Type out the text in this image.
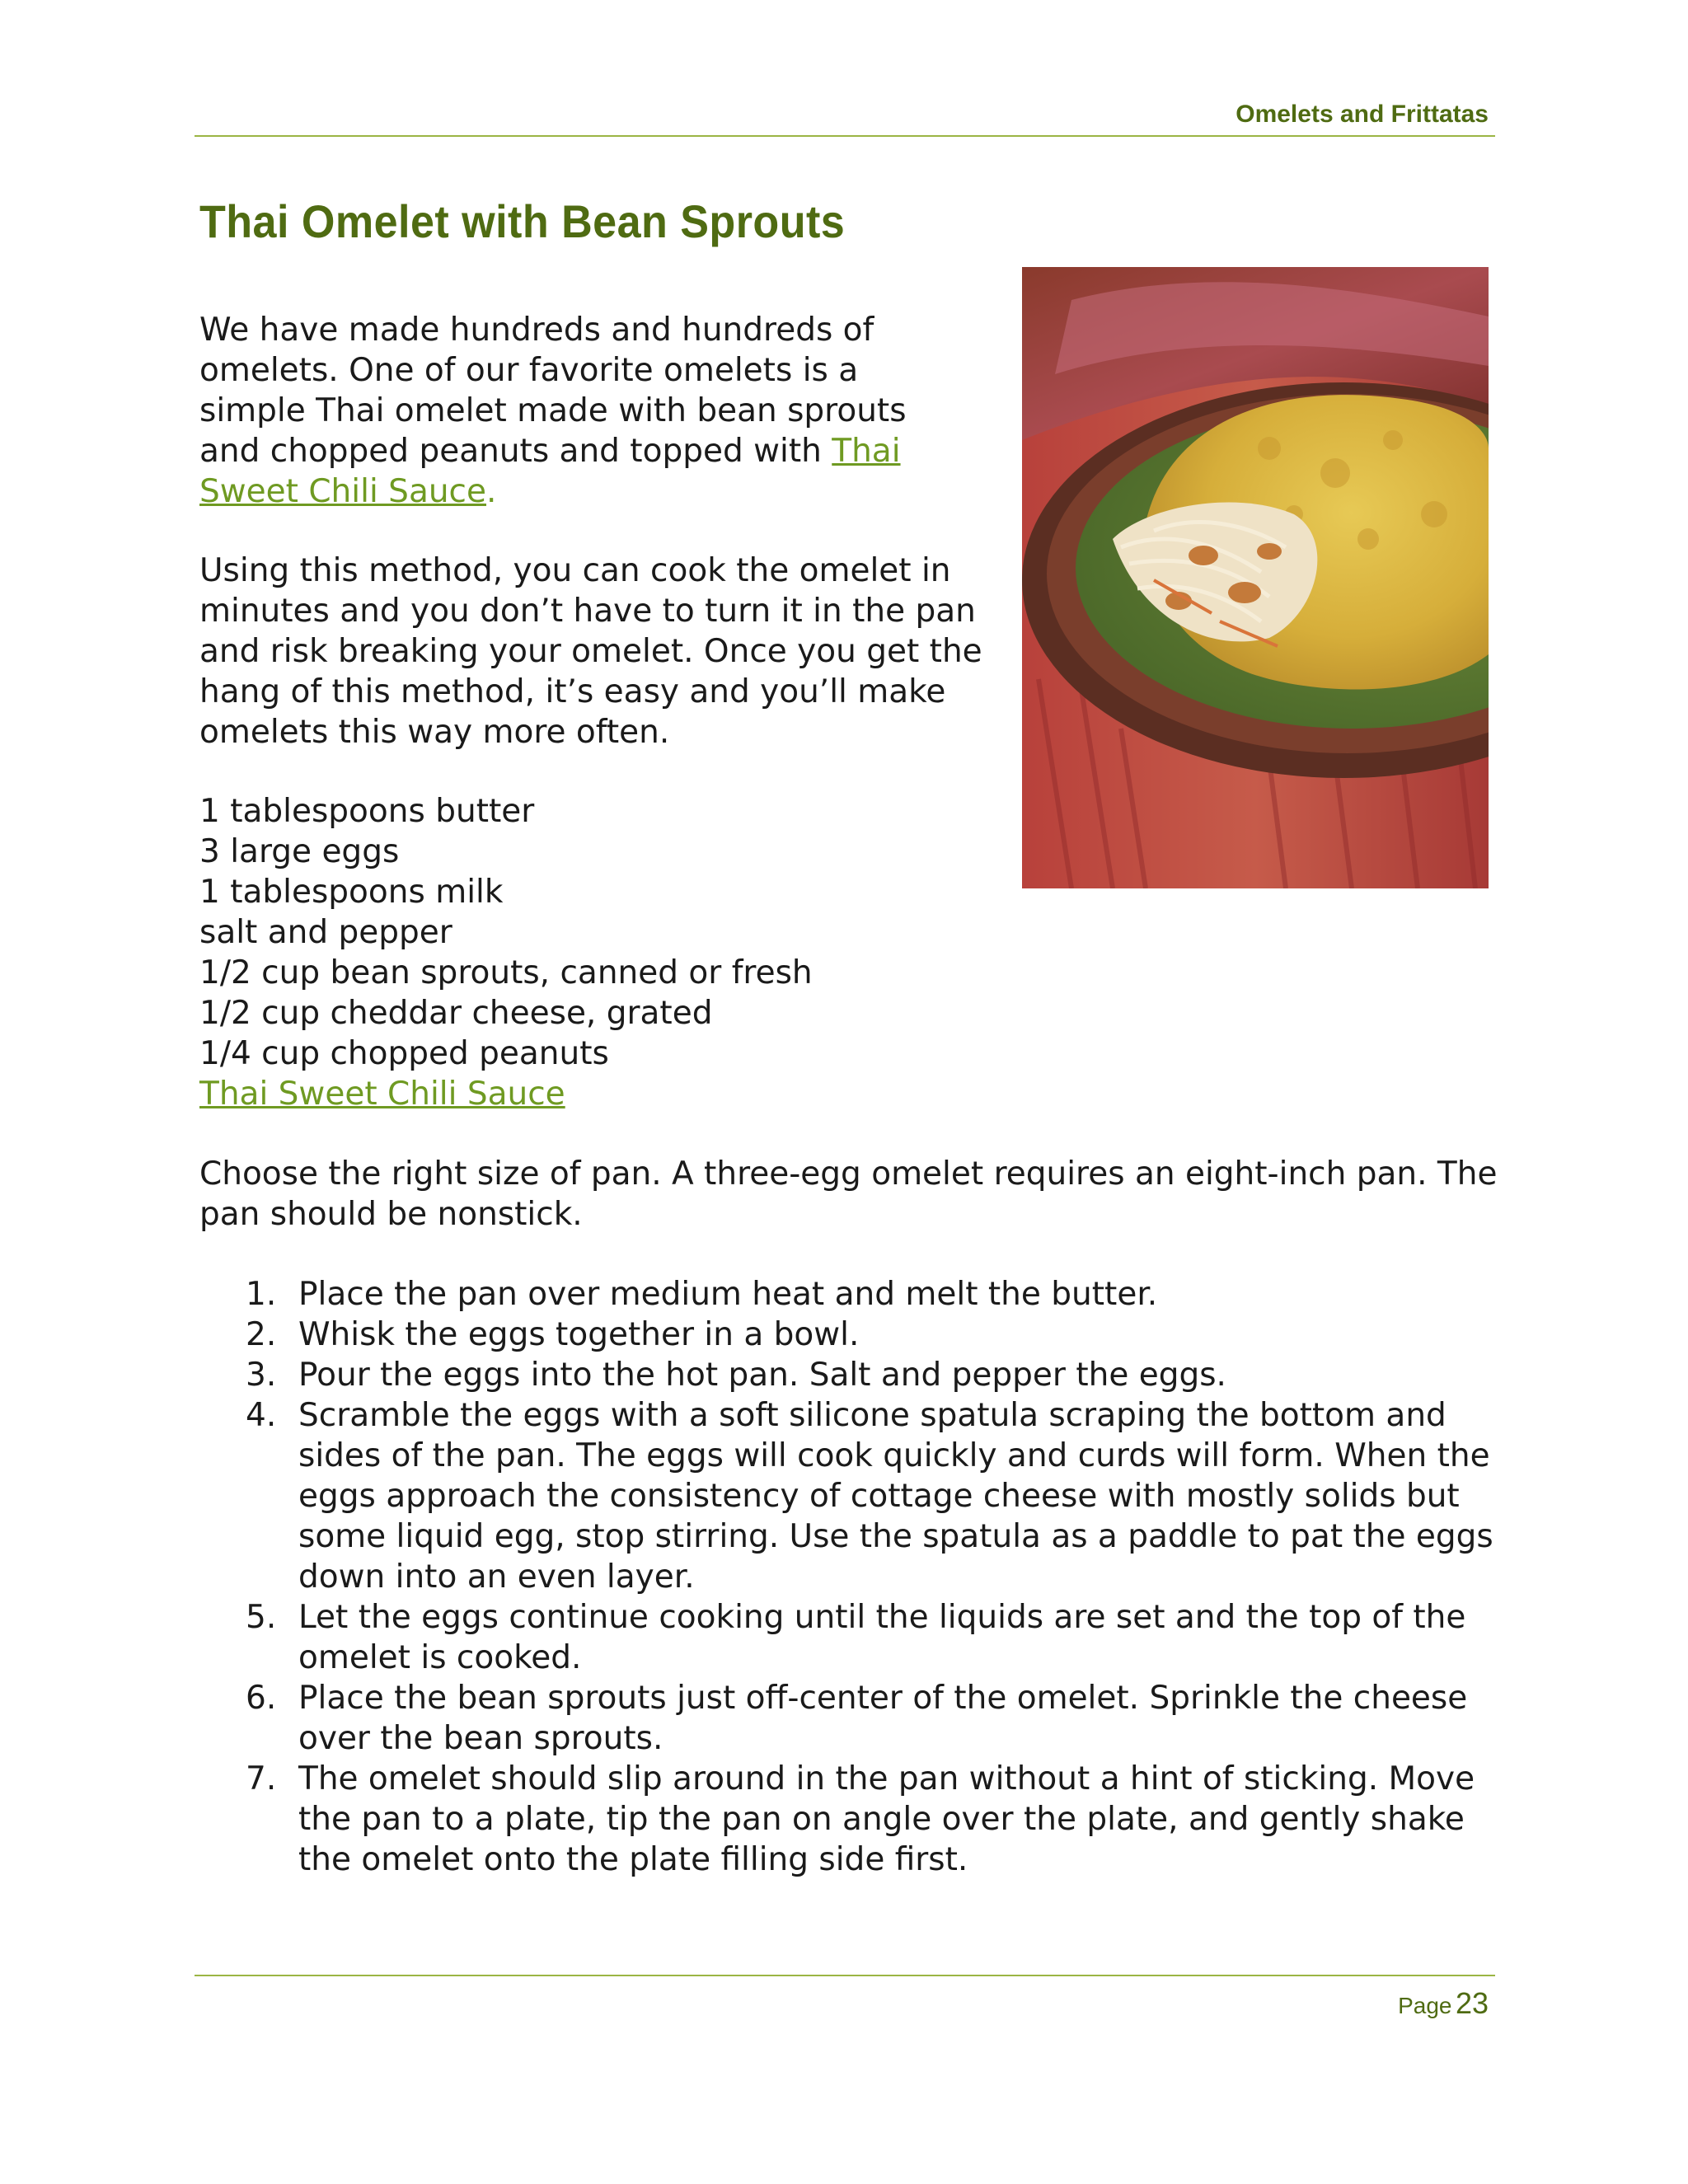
Omelets and Frittatas
Thai Omelet with Bean Sprouts

We have made hundreds and hundreds of omelets. One of our favorite omelets is a simple Thai omelet made with bean sprouts and chopped peanuts and topped with Thai Sweet Chili Sauce.

Using this method, you can cook the omelet in minutes and you don’t have to turn it in the pan and risk breaking your omelet. Once you get the hang of this method, it’s easy and you’ll make omelets this way more often.

1 tablespoons butter
3 large eggs
1 tablespoons milk
salt and pepper
1/2 cup bean sprouts, canned or fresh
1/2 cup cheddar cheese, grated
1/4 cup chopped peanuts
Thai Sweet Chili Sauce

Choose the right size of pan. A three-egg omelet requires an eight-inch pan. The pan should be nonstick.

1. Place the pan over medium heat and melt the butter.
2. Whisk the eggs together in a bowl.
3. Pour the eggs into the hot pan. Salt and pepper the eggs.
4. Scramble the eggs with a soft silicone spatula scraping the bottom and sides of the pan. The eggs will cook quickly and curds will form. When the eggs approach the consistency of cottage cheese with mostly solids but some liquid egg, stop stirring. Use the spatula as a paddle to pat the eggs down into an even layer.
5. Let the eggs continue cooking until the liquids are set and the top of the omelet is cooked.
6. Place the bean sprouts just off-center of the omelet. Sprinkle the cheese over the bean sprouts.
7. The omelet should slip around in the pan without a hint of sticking. Move the pan to a plate, tip the pan on angle over the plate, and gently shake the omelet onto the plate filling side first.
Page 23
